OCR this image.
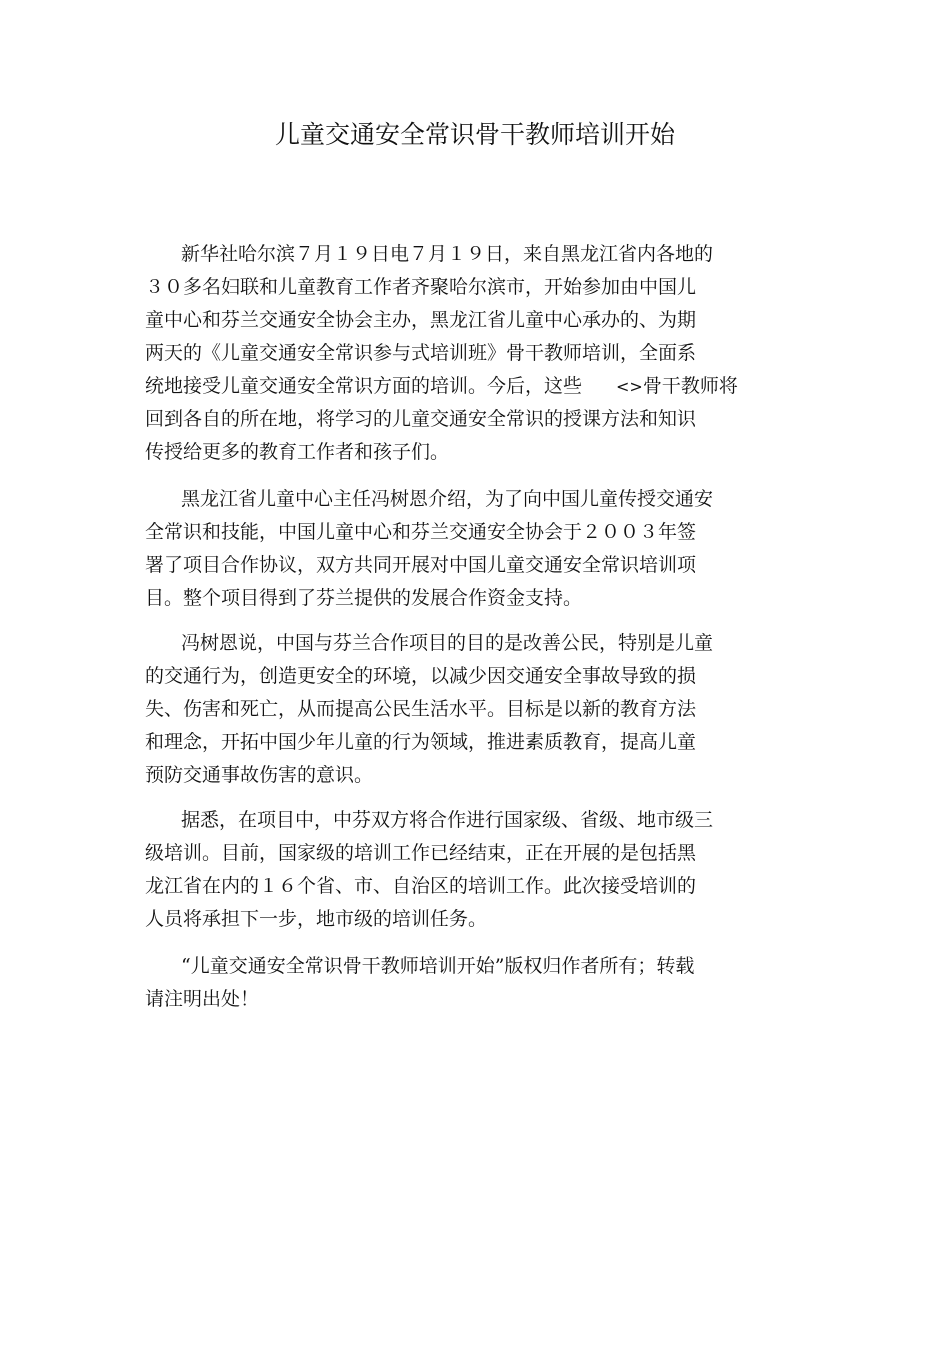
儿童交通安全常识骨干教师培训开始

新华社哈尔滨７月１９日电７月１９日，来自黑龙江省内各地的
３０多名妇联和儿童教育工作者齐聚哈尔滨市，开始参加由中国儿
童中心和芬兰交通安全协会主办，黑龙江省儿童中心承办的、为期
两天的《儿童交通安全常识参与式培训班》骨干教师培训，全面系
统地接受儿童交通安全常识方面的培训。今后，这些 <>骨干教师将
回到各自的所在地，将学习的儿童交通安全常识的授课方法和知识
传授给更多的教育工作者和孩子们。

黑龙江省儿童中心主任冯树恩介绍，为了向中国儿童传授交通安
全常识和技能，中国儿童中心和芬兰交通安全协会于２００３年签
署了项目合作协议，双方共同开展对中国儿童交通安全常识培训项
目。整个项目得到了芬兰提供的发展合作资金支持。

冯树恩说，中国与芬兰合作项目的目的是改善公民，特别是儿童
的交通行为，创造更安全的环境，以减少因交通安全事故导致的损
失、伤害和死亡，从而提高公民生活水平。目标是以新的教育方法
和理念，开拓中国少年儿童的行为领域，推进素质教育，提高儿童
预防交通事故伤害的意识。

据悉，在项目中，中芬双方将合作进行国家级、省级、地市级三
级培训。目前，国家级的培训工作已经结束，正在开展的是包括黑
龙江省在内的１６个省、市、自治区的培训工作。此次接受培训的
人员将承担下一步，地市级的培训任务。

“儿童交通安全常识骨干教师培训开始”版权归作者所有；转载
请注明出处！
